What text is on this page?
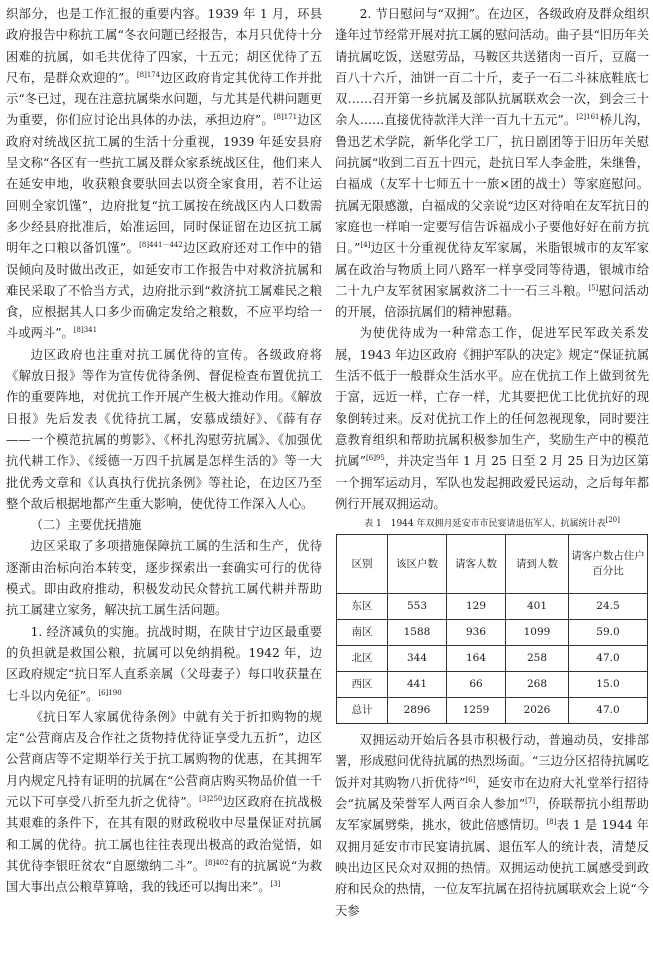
织部分，也是工作汇报的重要内容。1939 年 1 月，环县政府报告中称抗工属“冬衣问题已经报告，本月只优待十分困难的抗属，如毛共优待了四家，十五元；胡区优待了五尺布，是群众欢迎的”。$^{[8]174}$边区政府肯定其优待工作并批示“冬已过，现在注意抗属柴水问题，与尤其是代耕问题更为重要，你们应讨论出具体的办法，承担边府”。$^{[8]171}$边区政府对统战区抗工属的生活十分重视，1939 年延安县府呈文称“各区有一些抗工属及群众家系统战区住，他们来人在延安申地，收获粮食要驮回去以资全家食用，若不让运回则全家饥馑”，边府批复“抗工属按在统战区内人口数需多少经县府批准后，始准运回，同时保证留在边区抗工属明年之口粮以备饥馑”。$^{[8]441-442}$边区政府还对工作中的错误倾向及时做出改正，如延安市工作报告中对救济抗属和难民采取了不恰当方式，边府批示到“救济抗工属难民之粮食，应根据其人口多少而确定发给之粮数，不应平均给一斗或两斗”。$^{[8]341}$

边区政府也注重对抗工属优待的宣传。各级政府将《解放日报》等作为宣传优待条例、督促检查布置优抗工作的重要阵地，对优抗工作开展产生极大推动作用。《解放日报》先后发表《优待抗工属，安慕成绩好》、《薛有存——一个模范抗属的剪影》、《杯扎沟慰劳抗属》、《加强优抗代耕工作》、《绥德一万四千抗属是怎样生活的》等一大批优秀文章和《认真执行优抗条例》等社论，在边区乃至整个敌后根据地都产生重大影响，使优待工作深入人心。

（二）主要优抚措施

边区采取了多项措施保障抗工属的生活和生产，优待逐渐由治标向治本转变，逐步探索出一套确实可行的优待模式。即由政府推动，积极发动民众替抗工属代耕并帮助抗工属建立家务，解决抗工属生活问题。

1. 经济减负的实施。抗战时期，在陕甘宁边区最重要的负担就是救国公粮，抗属可以免纳捐税。1942 年，边区政府规定“抗日军人直系亲属（父母妻子）每口收获量在七斗以内免征”。$^{[6]190}$

《抗日军人家属优待条例》中就有关于折扣购物的规定“公营商店及合作社之货物持优待证享受九五折”，边区公营商店等不定期举行关于抗工属购物的优惠，在其拥军月内规定凡持有证明的抗属在“公营商店购买物品价值一千元以下可享受八折至九折之优待”。$^{[3]250}$边区政府在抗战极其艰难的条件下，在其有限的财政税收中尽量保证对抗属和工属的优待。抗工属也往往表现出极高的政治觉悟，如其优待李银旺贫农“自愿缴纳二斗”。$^{[8]402}$有的抗属说“为救国大事出点公粮草算啥，我的钱还可以掏出来”。[3]

2. 节日慰问与“双拥”。在边区，各级政府及群众组织逢年过节经常开展对抗工属的慰问活动。曲子县“旧历年关请抗属吃饭，送慰劳品，马鞍区共送猪肉一百斤，豆腐一百八十六斤，油饼一百二十斤，麦子一石二斗袜底鞋底七双……召开第一乡抗属及部队抗属联欢会一次，到会三十余人……直接优待款洋大洋一百九十五元”。$^{[2]161}$桥儿沟，鲁迅艺术学院，新华化学工厂，抗日剧团等于旧历年关慰问抗属“收到二百五十四元，赴抗日军人李金胜，朱继鲁，白福成（友军十七师五十一旅×团的战士）等家庭慰问。抗属无限感激，白福成的父亲说“边区对待咱在友军抗日的家庭也一样咱一定要写信告诉福成小子要他好好在前方抗日。”[4]边区十分重视优待友军家属，米脂银城市的友军家属在政治与物质上同八路军一样享受同等待遇，银城市给二十九户友军贫困家属救济二十一石三斗粮。[5]慰问活动的开展，倍添抗属们的精神慰藉。

为使优待成为一种常态工作，促进军民军政关系发展，1943 年边区政府《拥护军队的决定》规定“保证抗属生活不低于一般群众生活水平。应在优抗工作上做到贫先于富，远近一样，亡存一样，尤其要把优工比优抗好的现象倒转过来。反对优抗工作上的任何忽视现象，同时要注意教育组织和帮助抗属积极参加生产，奖励生产中的模范抗属”$^{[6]95}$，并决定当年 1 月 25 日至 2 月 25 日为边区第一个拥军运动月，军队也发起拥政爱民运动，之后每年都例行开展双拥运动。

表 1　1944 年双拥月延安市市民宴请退伍军人、抗属统计表[20]
区别	该区户数	请客人数	请到人数	请客户数占住户百分比
东区	553	129	401	24.5
南区	1588	936	1099	59.0
北区	344	164	258	47.0
西区	441	66	268	15.0
总计	2896	1259	2026	47.0

双拥运动开始后各县市积极行动，普遍动员，安排部署，形成慰问优待抗属的热烈场面。“三边分区招待抗属吃饭并对其购物八折优待”[6]，延安市在边府大礼堂举行招待会“抗属及荣誉军人两百余人参加”[7]，侨联帮抗小组帮助友军家属劈柴，挑水，彼此倍感情切。[8]表 1 是 1944 年双拥月延安市市民宴请抗属、退伍军人的统计表，清楚反映出边区民众对双拥的热情。双拥运动使抗工属感受到政府和民众的热情，一位友军抗属在招待抗属联欢会上说“今天参
